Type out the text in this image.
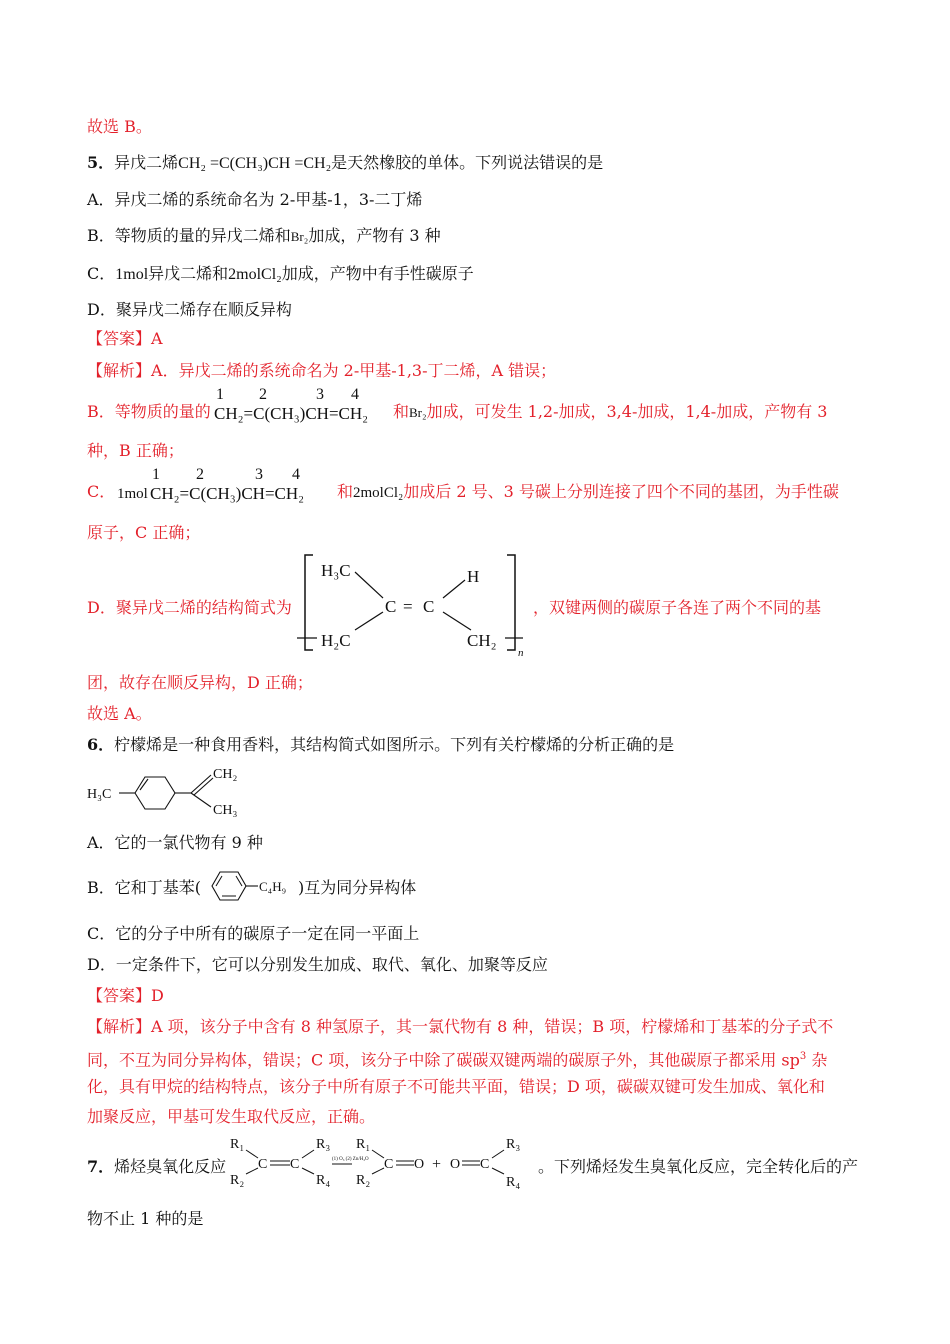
故选 B。
5．异戊二烯CH₂ =C(CH₃)CH =CH₂是天然橡胶的单体。下列说法错误的是
A．异戊二烯的系统命名为 2-甲基-1，3-二丁烯
B．等物质的量的异戊二烯和Br₂加成，产物有 3 种
C．1mol异戊二烯和2molCl₂加成，产物中有手性碳原子
D．聚异戊二烯存在顺反异构
【答案】A
【解析】A．异戊二烯的系统命名为 2-甲基-1,3-丁二烯，A 错误；
B．等物质的量的
1 2	3 4
CH₂=C(CH₃)CH=CH₂ 和Br₂加成，可发生 1,2-加成，3,4-加成，1,4-加成，产物有 3
种，B 正确；
C． 1mol
1 2	3 4
CH₂=C(CH₃)CH=CH₂ 和2molCl₂加成后 2 号、3 号碳上分别连接了四个不同的基团，为手性碳
原子，C 正确；
D．聚异戊二烯的结构简式为
H₃C	H
C = C
H₂C	CH₂
n
，双键两侧的碳原子各连了两个不同的基
团，故存在顺反异构，D 正确；
故选 A。
6．柠檬烯是一种食用香料，其结构简式如图所示。下列有关柠檬烯的分析正确的是
H₃C
CH₂
CH₃
A．它的一氯代物有 9 种
B．它和丁基苯(	C₄H₉ )互为同分异构体
C．它的分子中所有的碳原子一定在同一平面上
D．一定条件下，它可以分别发生加成、取代、氧化、加聚等反应
【答案】D
【解析】A 项，该分子中含有 8 种氢原子，其一氯代物有 8 种，错误；B 项，柠檬烯和丁基苯的分子式不
同，不互为同分异构体，错误；C 项，该分子中除了碳碳双键两端的碳原子外，其他碳原子都采用 $sp^3$ 杂
化，具有甲烷的结构特点，该分子中所有原子不可能共平面，错误；D 项，碳碳双键可发生加成、氧化和
加聚反应，甲基可发生取代反应，正确。
7．烯烃臭氧化反应
R₁
R₂
C C
R₃
R₄
(1) O₃ (2) Zn/H₂O
R₁
R₂
C O + O C
R₃
R₄
。下列烯烃发生臭氧化反应，完全转化后的产
物不止 1 种的是
